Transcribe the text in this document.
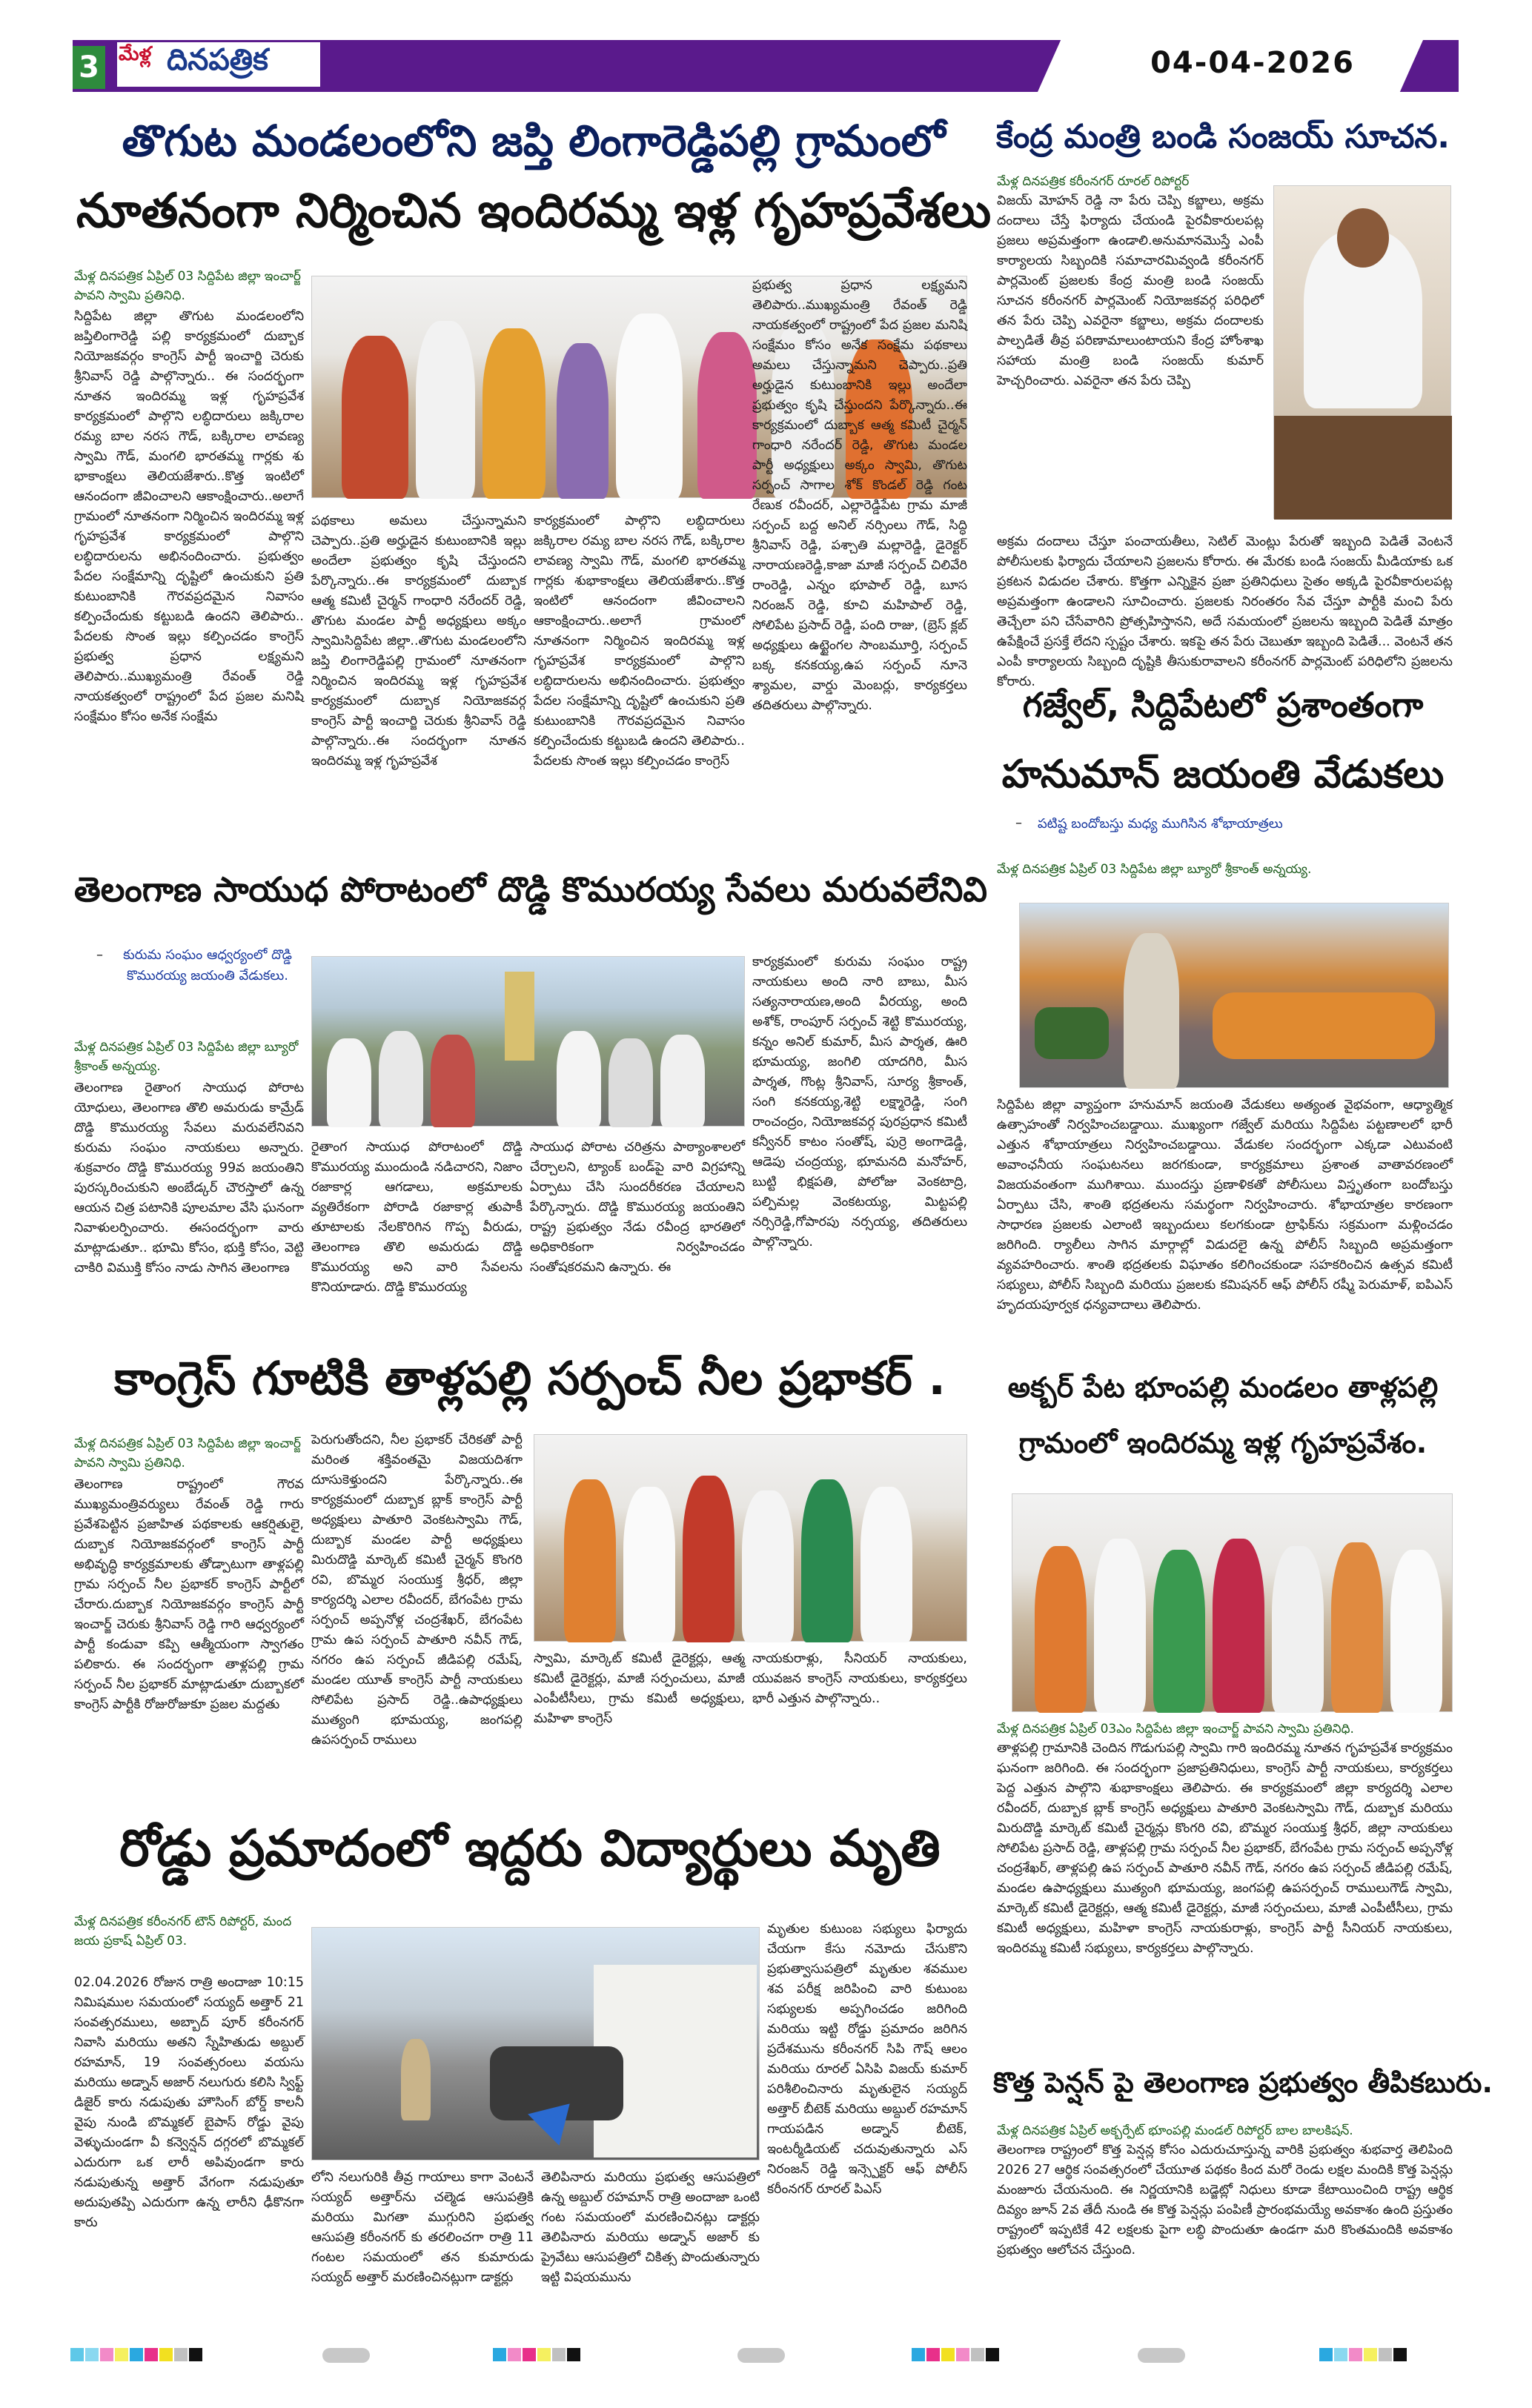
3	మేళ్ల దినపత్రిక	04-04-2026
తొగుట మండలంలోని జప్తి లింగారెడ్డిపల్లి గ్రామంలో
నూతనంగా నిర్మించిన ఇందిరమ్మ ఇళ్ల గృహప్రవేశలు
మేళ్ల దినపత్రిక ఏప్రిల్ 03 సిద్దిపేట జిల్లా ఇంచార్జ్ పావని స్వామి ప్రతినిధి.
సిద్దిపేట జిల్లా తొగుట మండలంలోని జప్తిలింగారెడ్డి పల్లి కార్యక్రమంలో దుబ్బాక నియోజకవర్గం కాంగ్రెస్ పార్టీ ఇంచార్జి చెరుకు శ్రీనివాస్ రెడ్డి పాల్గొన్నారు.. ఈ సందర్భంగా నూతన ఇందిరమ్మ ఇళ్ల గృహప్రవేశ కార్యక్రమంలో పాల్గొని లబ్ధిదారులు జక్కిరాల రమ్య బాల నరస గౌడ్, బక్కిరాల లావణ్య స్వామి గౌడ్, మంగలి భారతమ్మ గార్లకు శు భాకాంక్షలు తెలియజేశారు..కొత్త ఇంటిలో ఆనందంగా జీవించాలని ఆకాంక్షించారు..అలాగే గ్రామంలో నూతనంగా నిర్మించిన ఇందిరమ్మ ఇళ్ల గృహప్రవేశ కార్యక్రమంలో పాల్గొని లబ్ధిదారులను అభినందించారు. ప్రభుత్వం పేదల సంక్షేమాన్ని దృష్టిలో ఉంచుకుని ప్రతి కుటుంబానికి గౌరవప్రదమైన నివాసం కల్పించేందుకు కట్టుబడి ఉందని తెలిపారు.. పేదలకు సొంత ఇల్లు కల్పించడం కాంగ్రెస్ ప్రభుత్వ ప్రధాన లక్ష్యమని తెలిపారు..ముఖ్యమంత్రి రేవంత్ రెడ్డి నాయకత్వంలో రాష్ట్రంలో పేద ప్రజల మనిషి సంక్షేమం కోసం అనేక సంక్షేమ
పథకాలు అమలు చేస్తున్నామని చెప్పారు..ప్రతి అర్హుడైన కుటుంబానికి ఇల్లు అందేలా ప్రభుత్వం కృషి చేస్తుందని పేర్కొన్నారు..ఈ కార్యక్రమంలో దుబ్బాక ఆత్మ కమిటీ చైర్మన్ గాంధారి నరేందర్ రెడ్డి, తొగుట మండల పార్టీ అధ్యక్షులు అక్కం స్వామిసిద్దిపేట జిల్లా..తొగుట మండలంలోని జప్తి లింగారెడ్డిపల్లి గ్రామంలో నూతనంగా నిర్మించిన ఇందిరమ్మ ఇళ్ల గృహప్రవేశ కార్యక్రమంలో దుబ్బాక నియోజకవర్గ కాంగ్రెస్ పార్టీ ఇంచార్జి చెరుకు శ్రీనివాస్ రెడ్డి పాల్గొన్నారు..ఈ సందర్భంగా నూతన ఇందిరమ్మ ఇళ్ల గృహప్రవేశ
కార్యక్రమంలో పాల్గొని లబ్ధిదారులు జక్కిరాల రమ్య బాల నరస గౌడ్, బక్కిరాల లావణ్య స్వామి గౌడ్, మంగలి భారతమ్మ గార్లకు శుభాకాంక్షలు తెలియజేశారు..కొత్త ఇంటిలో ఆనందంగా జీవించాలని ఆకాంక్షించారు..అలాగే గ్రామంలో నూతనంగా నిర్మించిన ఇందిరమ్మ ఇళ్ల గృహప్రవేశ కార్యక్రమంలో పాల్గొని లబ్ధిదారులను అభినందించారు. ప్రభుత్వం పేదల సంక్షేమాన్ని దృష్టిలో ఉంచుకుని ప్రతి కుటుంబానికి గౌరవప్రదమైన నివాసం కల్పించేందుకు కట్టుబడి ఉందని తెలిపారు.. పేదలకు సొంత ఇల్లు కల్పించడం కాంగ్రెస్
ప్రభుత్వ ప్రధాన లక్ష్యమని తెలిపారు..ముఖ్యమంత్రి రేవంత్ రెడ్డి నాయకత్వంలో రాష్ట్రంలో పేద ప్రజల మనిషి సంక్షేమం కోసం అనేక సంక్షేమ పథకాలు అమలు చేస్తున్నామని చెప్పారు..ప్రతి అర్హుడైన కుటుంబానికి ఇల్లు అందేలా ప్రభుత్వం కృషి చేస్తుందని పేర్కొన్నారు..ఈ కార్యక్రమంలో దుబ్బాక ఆత్మ కమిటీ చైర్మన్ గాంధారి నరేందర్ రెడ్డి, తొగుట మండల పార్టీ అధ్యక్షులు అక్కం స్వామి, తొగుట సర్పంచ్ సాగాల శోక్ కొండల్ రెడ్డి గంట రేణుక రవీందర్, ఎల్లారెడ్డిపేట గ్రామ మాజీ సర్పంచ్ బద్ద అనిల్ నర్సింలు గౌడ్, సిద్ధి శ్రీనివాస్ రెడ్డి, పశ్చాతి మల్లారెడ్డి, డైరెక్టర్ నారాయణరెడ్డి,కాజా మాజీ సర్పంచ్ చిలివేరి రాంరెడ్డి, ఎన్నం భూపాల్ రెడ్డి, బూస నిరంజన్ రెడ్డి, కూచి మహిపాల్ రెడ్డి, సోలిపేట ప్రసాద్ రెడ్డి, పంది రాజు, (బ్రెస్ క్లబ్ అధ్యక్షులు ఉట్టైంగల సాంబమూర్తి, సర్పంచ్ బక్క కనకయ్య,ఉప సర్పంచ్ నూనె శ్యామల, వార్డు మెంబర్లు, కార్యకర్తలు తదితరులు పాల్గొన్నారు.
కేంద్ర మంత్రి బండి సంజయ్ సూచన.
మేళ్ల దినపత్రిక కరీంనగర్ రూరల్ రిపోర్టర్
విజయ్ మోహన్ రెడ్డి నా పేరు చెప్పి కబ్జాలు, అక్రమ దందాలు చేస్తే ఫిర్యాదు చేయండి పైరవీకారులపట్ల ప్రజలు అప్రమత్తంగా ఉండాలి.అనుమానమొస్తే ఎంపీ కార్యాలయ సిబ్బందికి సమాచారమివ్వండి కరీంనగర్ పార్లమెంట్ ప్రజలకు కేంద్ర మంత్రి బండి సంజయ్ సూచన కరీంనగర్ పార్లమెంట్ నియోజకవర్గ పరిధిలో తన పేరు చెప్పి ఎవరైనా కబ్జాలు, అక్రమ దందాలకు పాల్పడితే తీవ్ర పరిణామాలుంటాయని కేంద్ర హోంశాఖ సహాయ మంత్రి బండి సంజయ్ కుమార్ హెచ్చరించారు. ఎవరైనా తన పేరు చెప్పి
అక్రమ దందాలు చేస్తూ పంచాయతీలు, సెటిల్ మెంట్లు పేరుతో ఇబ్బంది పెడితే వెంటనే పోలీసులకు ఫిర్యాదు చేయాలని ప్రజలను కోరారు. ఈ మేరకు బండి సంజయ్ మీడియాకు ఒక ప్రకటన విడుదల చేశారు. కొత్తగా ఎన్నికైన ప్రజా ప్రతినిధులు సైతం అక్కడి పైరవీకారులపట్ల అప్రమత్తంగా ఉండాలని సూచించారు. ప్రజలకు నిరంతరం సేవ చేస్తూ పార్టీకి మంచి పేరు తెచ్చేలా పని చేసేవారిని ప్రోత్సహిస్తానని, అదే సమయంలో ప్రజలను ఇబ్బంది పెడితే మాత్రం ఉపేక్షించే ప్రసక్తే లేదని స్పష్టం చేశారు. ఇకపై తన పేరు చెబుతూ ఇబ్బంది పెడితే... వెంటనే తన ఎంపీ కార్యాలయ సిబ్బంది దృష్టికి తీసుకురావాలని కరీంనగర్ పార్లమెంట్ పరిధిలోని ప్రజలను కోరారు.
గజ్వేల్, సిద్దిపేటలో ప్రశాంతంగా
హనుమాన్ జయంతి వేడుకలు
– పటిష్ట బందోబస్తు మధ్య ముగిసిన శోభాయాత్రలు
మేళ్ల దినపత్రిక ఏప్రిల్ 03 సిద్దిపేట జిల్లా బ్యూరో శ్రీకాంత్ అన్నయ్య.
సిద్దిపేట జిల్లా వ్యాప్తంగా హనుమాన్ జయంతి వేడుకలు అత్యంత వైభవంగా, ఆధ్యాత్మిక ఉత్సాహంతో నిర్వహించబడ్డాయి. ముఖ్యంగా గజ్వేల్ మరియు సిద్దిపేట పట్టణాలలో భారీ ఎత్తున శోభాయాత్రలు నిర్వహించబడ్డాయి. వేడుకల సందర్భంగా ఎక్కడా ఎటువంటి అవాంఛనీయ సంఘటనలు జరగకుండా, కార్యక్రమాలు ప్రశాంత వాతావరణంలో విజయవంతంగా ముగిశాయి. ముందస్తు ప్రణాళికతో పోలీసులు విస్తృతంగా బందోబస్తు ఏర్పాటు చేసి, శాంతి భద్రతలను సమర్థంగా నిర్వహించారు. శోభాయాత్రల కారణంగా సాధారణ ప్రజలకు ఎలాంటి ఇబ్బందులు కలగకుండా ట్రాఫిక్‌ను సక్రమంగా మళ్లించడం జరిగింది. ర్యాలీలు సాగిన మార్గాల్లో విడుదలై ఉన్న పోలీస్ సిబ్బంది అప్రమత్తంగా వ్యవహరించారు. శాంతి భద్రతలకు విఘాతం కలిగించకుండా సహకరించిన ఉత్సవ కమిటీ సభ్యులు, పోలీస్ సిబ్బంది మరియు ప్రజలకు కమిషనర్ ఆఫ్ పోలీస్ రష్మీ పెరుమాళ్, ఐపిఎస్ హృదయపూర్వక ధన్యవాదాలు తెలిపారు.
తెలంగాణ సాయుధ పోరాటంలో దొడ్డి కొమురయ్య సేవలు మరువలేనివి
–	కురుమ సంఘం ఆధ్వర్యంలో దొడ్డి కొమురయ్య జయంతి వేడుకలు.
మేళ్ల దినపత్రిక ఏప్రిల్ 03 సిద్దిపేట జిల్లా బ్యూరో శ్రీకాంత్ అన్నయ్య.
తెలంగాణ రైతాంగ సాయుధ పోరాట యోధులు, తెలంగాణ తొలి అమరుడు కామ్రేడ్ దొడ్డి కొమురయ్య సేవలు మరువలేనివని కురుమ సంఘం నాయకులు అన్నారు. శుక్రవారం దొడ్డి కొమురయ్య 99వ జయంతిని పురస్కరించుకుని అంబేడ్కర్ చౌరస్తాలో ఉన్న ఆయన చిత్ర పటానికి పూలమాల వేసి ఘనంగా నివాళులర్పించారు. ఈసందర్భంగా వారు మాట్లాడుతూ.. భూమి కోసం, భుక్తి కోసం, వెట్టి చాకిరి విముక్తి కోసం నాడు సాగిన తెలంగాణ
రైతాంగ సాయుధ పోరాటంలో దొడ్డి కొమురయ్య ముందుండి నడిచారని, నిజాం రజాకార్ల ఆగడాలు, అక్రమాలకు వ్యతిరేకంగా పోరాడి రజాకార్ల తుపాకీ తూటాలకు నేలకొరిగిన గొప్ప వీరుడు, తెలంగాణ తొలి అమరుడు దొడ్డి కొమురయ్య అని వారి సేవలను కొనియాడారు. దొడ్డి కొమురయ్య
సాయుధ పోరాట చరిత్రను పాఠ్యాంశాలలో చేర్చాలని, ట్యాంక్ బండ్‌పై వారి విగ్రహాన్ని ఏర్పాటు చేసి సుందరీకరణ చేయాలని పేర్కొన్నారు. దొడ్డి కొమురయ్య జయంతిని రాష్ట్ర ప్రభుత్వం నేడు రవీంద్ర భారతిలో అధికారికంగా నిర్వహించడం సంతోషకరమని ఉన్నారు. ఈ
కార్యక్రమంలో కురుమ సంఘం రాష్ట్ర నాయకులు అంది నారి బాబు, మీస సత్యనారాయణ,అంది వీరయ్య, అంది అశోక్, రాంపూర్ సర్పంచ్ శెట్టి కొమురయ్య, కన్నం అనిల్ కుమార్, మీస పార్శత, ఊరి భూమయ్య, జంగిలి యాదగిరి, మీస పార్శత, గొంట్ల శ్రీనివాస్, సూర్య శ్రీకాంత్, సంగి కనకయ్య,శెట్టి లక్ష్మారెడ్డి, సంగి రాంచంద్రం, నియోజకవర్గ పురప్రధాన కమిటీ కన్వీనర్ కాటం సంతోష్, పుర్రె అంగాడెడ్డి, ఆడెపు చంద్రయ్య, భూమనది మనోహర్, బుట్టి భిక్షపతి, పోలోజు వెంకటాద్రి, పల్పిమల్ల వెంకటయ్య, మిట్టపల్లి నర్సిరెడ్డి,గోపారపు నర్సయ్య, తదితరులు పాల్గొన్నారు.
కాంగ్రెస్ గూటికి తాళ్లపల్లి సర్పంచ్ నీల ప్రభాకర్ .
మేళ్ల దినపత్రిక ఏప్రిల్ 03 సిద్దిపేట జిల్లా ఇంచార్జ్ పావని స్వామి ప్రతినిధి.
తెలంగాణ రాష్ట్రంలో గౌరవ ముఖ్యమంత్రివర్యులు రేవంత్ రెడ్డి గారు ప్రవేశపెట్టిన ప్రజాహిత పథకాలకు ఆకర్షితులై, దుబ్బాక నియోజకవర్గంలో కాంగ్రెస్ పార్టీ అభివృద్ధి కార్యక్రమాలకు తోడ్పాటుగా తాళ్లపల్లి గ్రామ సర్పంచ్ నీల ప్రభాకర్ కాంగ్రెస్ పార్టీలో చేరారు.దుబ్బాక నియోజకవర్గం కాంగ్రెస్ పార్టీ ఇంచార్జ్ చెరుకు శ్రీనివాస్ రెడ్డి గారి ఆధ్వర్యంలో పార్టీ కండువా కప్పి ఆత్మీయంగా స్వాగతం పలికారు. ఈ సందర్భంగా తాళ్లపల్లి గ్రామ సర్పంచ్ నీల ప్రభాకర్ మాట్లాడుతూ దుబ్బాకలో కాంగ్రెస్ పార్టీకి రోజురోజుకూ ప్రజల మద్దతు
పెరుగుతోందని, నీల ప్రభాకర్ చేరికతో పార్టీ మరింత శక్తివంతమై విజయదిశగా దూసుకెళ్తుందని పేర్కొన్నారు..ఈ కార్యక్రమంలో దుబ్బాక బ్లాక్ కాంగ్రెస్ పార్టీ అధ్యక్షులు పాతూరి వెంకటస్వామి గౌడ్, దుబ్బాక మండల పార్టీ అధ్యక్షులు మిరుదొడ్డి మార్కెట్ కమిటీ చైర్మన్ కొంగరి రవి, బొమ్మర సంయుక్త శ్రీధర్, జిల్లా కార్యదర్శి ఎలాల రవీందర్, బేగంపేట గ్రామ సర్పంచ్ అప్పనోళ్ల చంద్రశేఖర్, బేగంపేట గ్రామ ఉప సర్పంచ్ పాతూరి నవీన్ గౌడ్, నగరం ఉప సర్పంచ్ జీడిపల్లి రమేష్, మండల యూత్ కాంగ్రెస్ పార్టీ నాయకులు సోలిపేట ప్రసాద్ రెడ్డి..ఉపాధ్యక్షులు ముత్యంగి భూమయ్య, జంగపల్లి ఉపసర్పంచ్ రాములు
స్వామి, మార్కెట్ కమిటీ డైరెక్టర్లు, ఆత్మ కమిటీ డైరెక్టర్లు, మాజీ సర్పంచులు, మాజీ ఎంపీటీసీలు, గ్రామ కమిటీ అధ్యక్షులు, మహిళా కాంగ్రెస్
నాయకురాళ్లు, సీనియర్ నాయకులు, యువజన కాంగ్రెస్ నాయకులు, కార్యకర్తలు భారీ ఎత్తున పాల్గొన్నారు..
అక్బర్ పేట భూంపల్లి మండలం తాళ్లపల్లి
గ్రామంలో ఇందిరమ్మ ఇళ్ల గృహప్రవేశం.
మేళ్ల దినపత్రిక ఏప్రిల్ 03ఎం సిద్దిపేట జిల్లా ఇంచార్జ్ పావని స్వామి ప్రతినిధి.
తాళ్లపల్లి గ్రామానికి చెందిన గొడుగుపల్లి స్వామి గారి ఇందిరమ్మ నూతన గృహప్రవేశ కార్యక్రమం ఘనంగా జరిగింది. ఈ సందర్భంగా ప్రజాప్రతినిధులు, కాంగ్రెస్ పార్టీ నాయకులు, కార్యకర్తలు పెద్ద ఎత్తున పాల్గొని శుభాకాంక్షలు తెలిపారు. ఈ కార్యక్రమంలో జిల్లా కార్యదర్శి ఎలాల రవీందర్, దుబ్బాక బ్లాక్ కాంగ్రెస్ అధ్యక్షులు పాతూరి వెంకటస్వామి గౌడ్, దుబ్బాక మరియు మిరుదొడ్డి మార్కెట్ కమిటీ చైర్మన్లు కొంగరి రవి, బొమ్మర సంయుక్త శ్రీధర్, జిల్లా నాయకులు సోలిపేట ప్రసాద్ రెడ్డి, తాళ్లపల్లి గ్రామ సర్పంచ్ నీల ప్రభాకర్, బేగంపేట గ్రామ సర్పంచ్ అప్పనోళ్ల చంద్రశేఖర్, తాళ్లపల్లి ఉప సర్పంచ్ పాతూరి నవీన్ గౌడ్, నగరం ఉప సర్పంచ్ జీడిపల్లి రమేష్, మండల ఉపాధ్యక్షులు ముత్యంగి భూమయ్య, జంగపల్లి ఉపసర్పంచ్ రాములుగౌడ్ స్వామి, మార్కెట్ కమిటీ డైరెక్టర్లు, ఆత్మ కమిటీ డైరెక్టర్లు, మాజీ సర్పంచులు, మాజీ ఎంపీటీసీలు, గ్రామ కమిటీ అధ్యక్షులు, మహిళా కాంగ్రెస్ నాయకురాళ్లు, కాంగ్రెస్ పార్టీ సీనియర్ నాయకులు, ఇందిరమ్మ కమిటీ సభ్యులు, కార్యకర్తలు పాల్గొన్నారు.
రోడ్డు ప్రమాదంలో ఇద్దరు విద్యార్థులు మృతి
మేళ్ల దినపత్రిక కరీంనగర్ టౌన్ రిపోర్టర్, మంద జయ ప్రకాష్ ఏప్రిల్ 03.
02.04.2026 రోజున రాత్రి అందాజా 10:15 నిమిషముల సమయంలో సయ్యద్ అత్తార్ 21 సంవత్సరములు, అబ్బాద్ పూర్ కరీంనగర్ నివాసి మరియు అతని స్నేహితుడు అబ్దుల్ రహమాన్, 19 సంవత్సరంలు వయసు మరియు అడ్నాన్ అజార్ నలుగురు కలిసి స్విఫ్ట్ డిజైర్ కారు నడుపుతు హౌసింగ్ బోర్డ్ కాలనీ వైపు నుండి బొమ్మకల్ బైపాస్ రోడ్డు వైపు వెళ్ళుచుండగా వీ కన్వెన్షన్ దగ్గరలో బొమ్మకల్ ఎదురుగా ఒక లారీ అపివుండగా కారు నడుపుతున్న అత్తార్ వేగంగా నడుపుతూ అదుపుతప్పి ఎదురుగా ఉన్న లారీని ఢీకొనగా కారు
లోని నలుగురికి తీవ్ర గాయాలు కాగా వెంటనే సయ్యద్ అత్తార్‌ను చల్మెడ ఆసుపత్రికి మరియు మిగతా ముగ్గురిని ప్రభుత్వ ఆసుపత్రి కరీంనగర్ కు తరలించగా రాత్రి 11 గంటల సమయంలో తన కుమారుడు సయ్యద్ అత్తార్ మరణించినట్లుగా డాక్టర్లు
తెలిపినారు మరియు ప్రభుత్వ ఆసుపత్రిలో ఉన్న అబ్దుల్ రహమాన్ రాత్రి అందాజా ఒంటి గంట సమయంలో మరణించినట్లు డాక్టర్లు తెలిపినారు మరియు అడ్నాన్ అజార్ కు ప్రైవేటు ఆసుపత్రిలో చికిత్స పొందుతున్నారు ఇట్టి విషయమును
మృతుల కుటుంబ సభ్యులు ఫిర్యాదు చేయగా కేసు నమోదు చేసుకొని ప్రభుత్వాసుపత్రిలో మృతుల శవముల శవ పరీక్ష జరిపించి వారి కుటుంబ సభ్యులకు అప్పగించడం జరిగింది మరియు ఇట్టి రోడ్డు ప్రమాదం జరిగిన ప్రదేశమును కరీంనగర్ సిపి గౌష్ ఆలం మరియు రూరల్ ఏసిపి విజయ్ కుమార్ పరిశీలించినారు మృతులైన సయ్యద్ అత్తార్ బీటెక్ మరియు అబ్దుల్ రహమాన్ గాయపడిన అడ్నాన్ బీటెక్, ఇంటర్మీడియట్ చదువుతున్నారు ఎస్ నిరంజన్ రెడ్డి ఇన్స్పెక్టర్ ఆఫ్ పోలీస్ కరీంనగర్ రూరల్ పిఎస్
కొత్త పెన్షన్ పై తెలంగాణ ప్రభుత్వం తీపికబురు.
మేళ్ల దినపత్రిక ఏప్రిల్ అక్బర్పేట్ భూంపల్లి మండల్ రిపోర్టర్ బాల బాలకిషన్.
తెలంగాణ రాష్ట్రంలో కొత్త పెన్షన్ల కోసం ఎదురుచూస్తున్న వారికి ప్రభుత్వం శుభవార్త తెలిపింది 2026 27 ఆర్థిక సంవత్సరంలో చేయూత పథకం కింద మరో రెండు లక్షల మందికి కొత్త పెన్షన్లు మంజూరు చేయనుంది. ఈ నిర్ణయానికి బడ్జెట్లో నిధులు కూడా కేటాయించింది రాష్ట్ర ఆర్థిక దివ్యం జూన్ 2వ తేదీ నుండి ఈ కొత్త పెన్షన్లు పంపిణీ ప్రారంభమయ్యే అవకాశం ఉంది ప్రస్తుతం రాష్ట్రంలో ఇప్పటికే 42 లక్షలకు పైగా లబ్ధి పొందుతూ ఉండగా మరి కొంతమందికి అవకాశం ప్రభుత్వం ఆలోచన చేస్తుంది.
